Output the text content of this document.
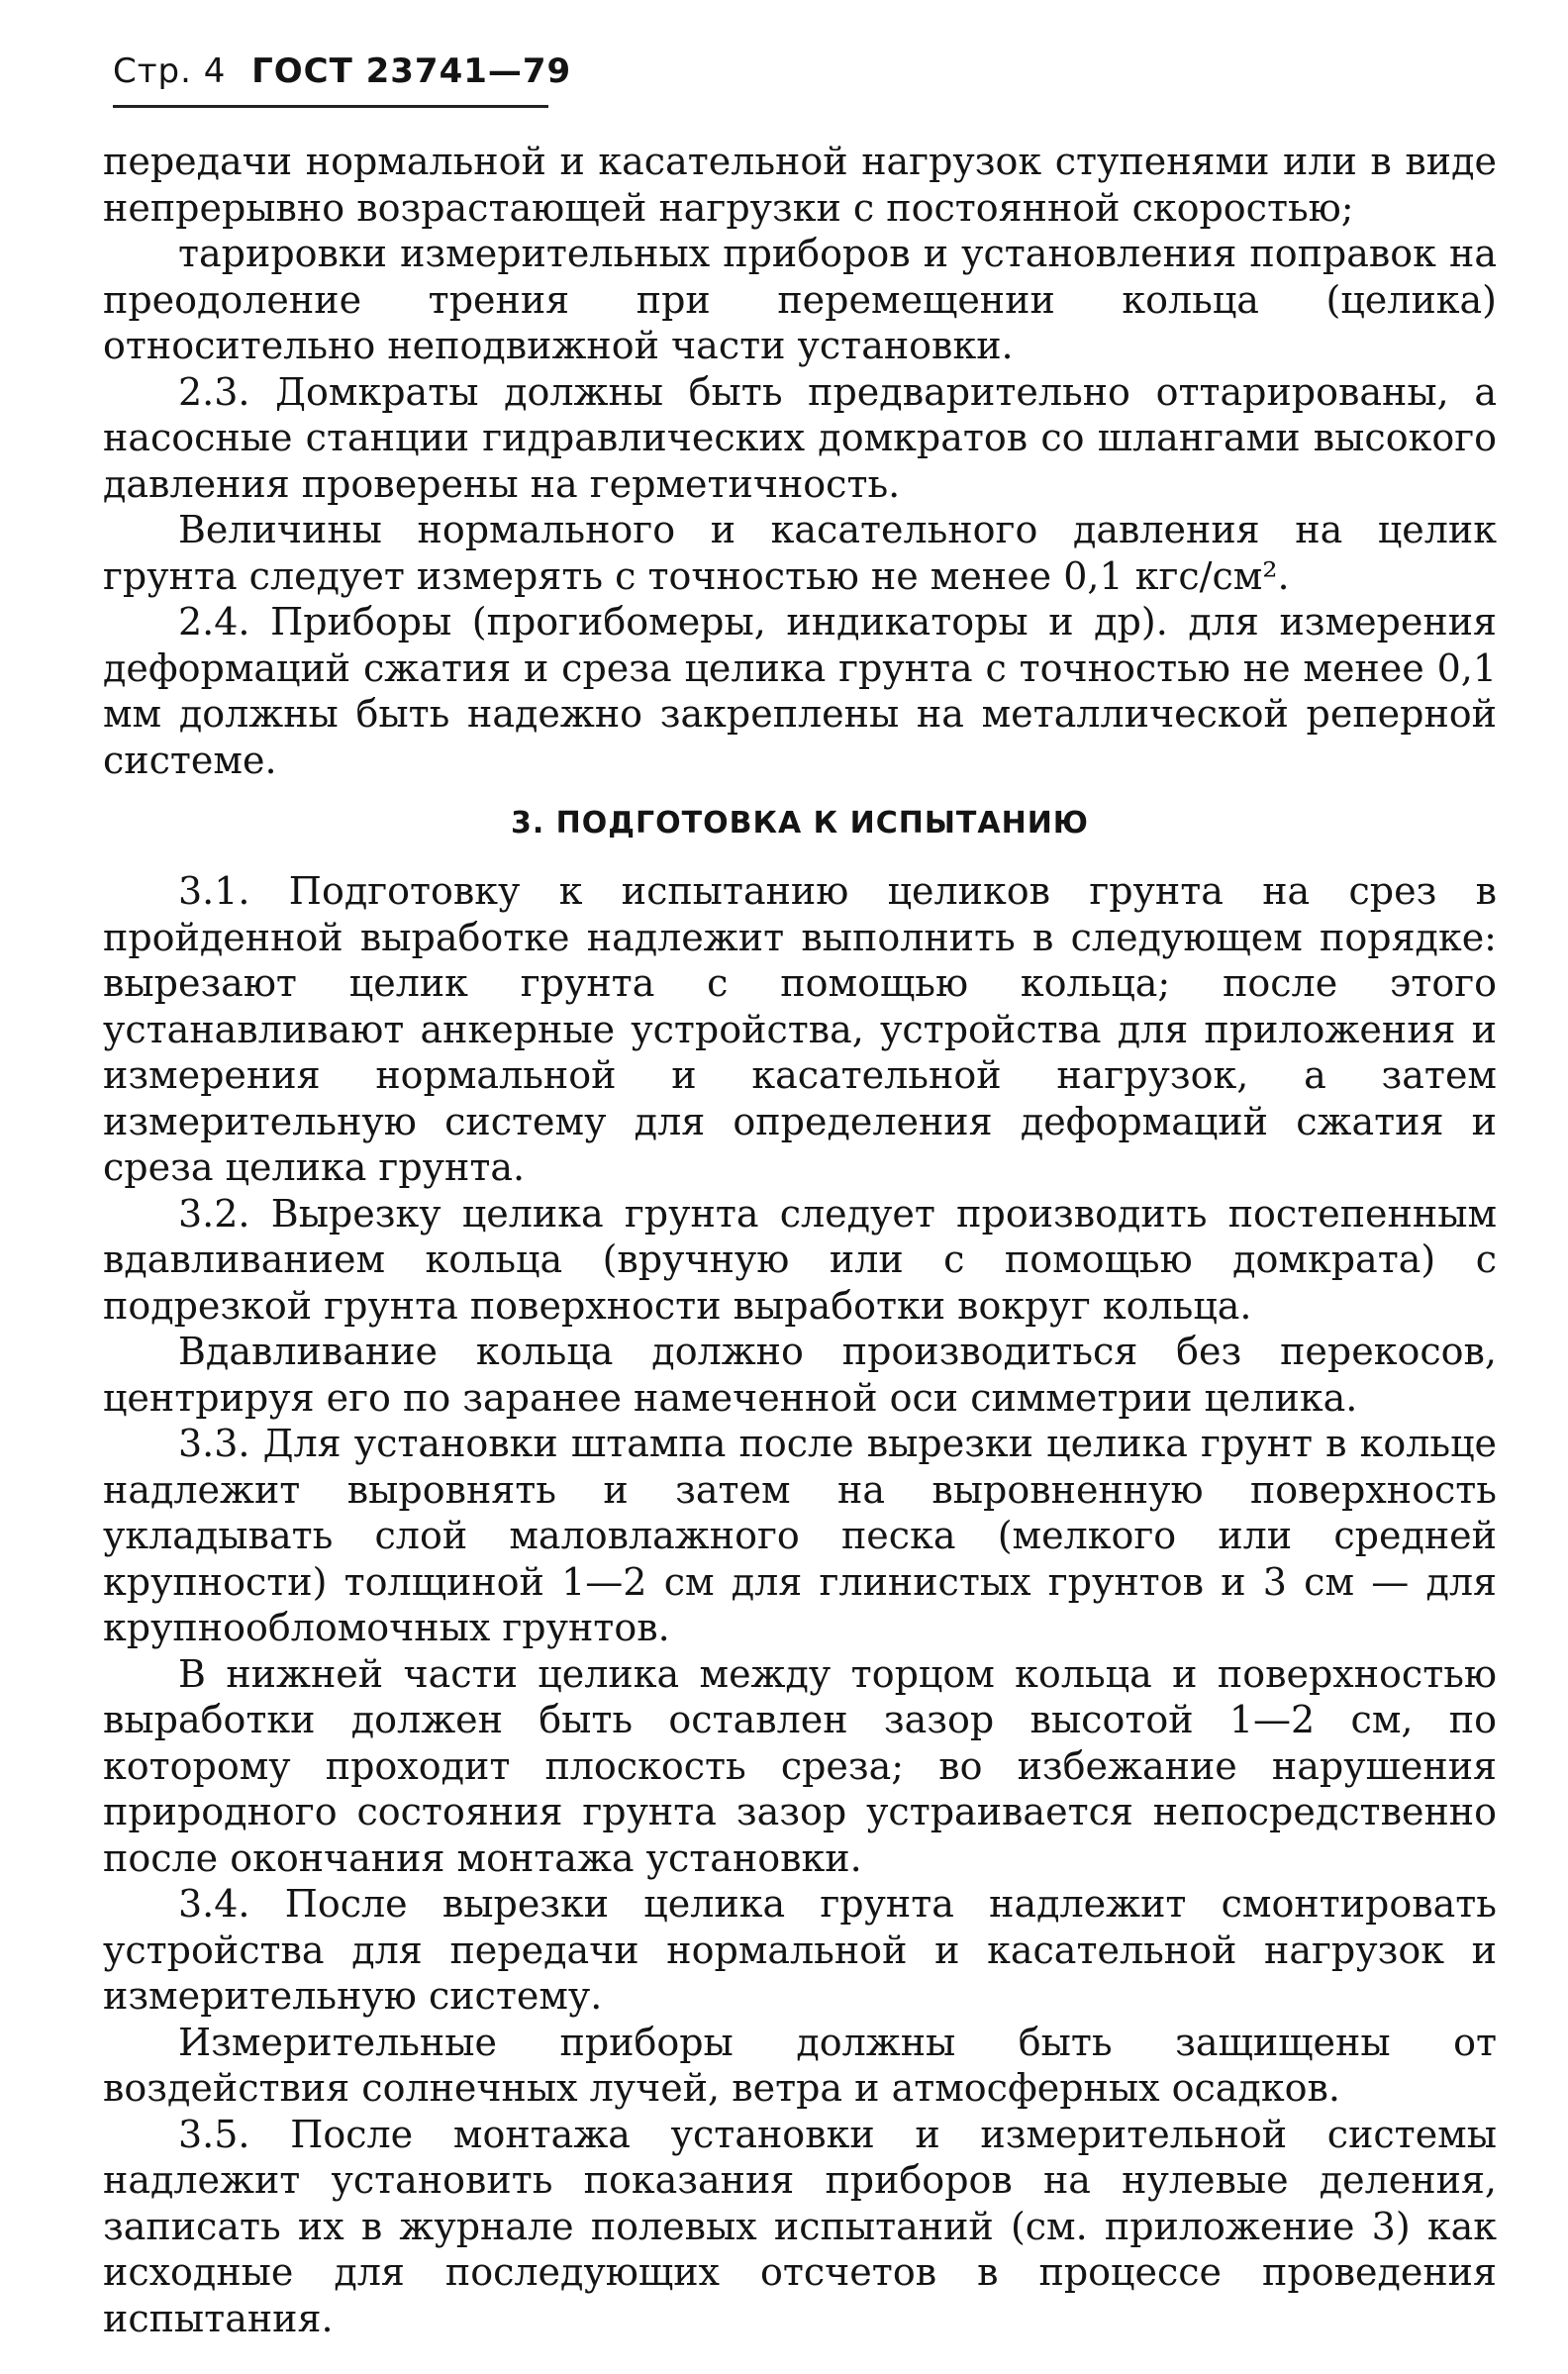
Стр. 4 ГОСТ 23741—79

передачи нормальной и касательной нагрузок ступенями или в виде непрерывно возрастающей нагрузки с постоянной скоростью;

тарировки измерительных приборов и установления поправок на преодоление трения при перемещении кольца (целика) относительно неподвижной части установки.

2.3. Домкраты должны быть предварительно оттарированы, а насосные станции гидравлических домкратов со шлангами высокого давления проверены на герметичность.

Величины нормального и касательного давления на целик грунта следует измерять с точностью не менее 0,1 кгс/см².

2.4. Приборы (прогибомеры, индикаторы и др). для измерения деформаций сжатия и среза целика грунта с точностью не менее 0,1 мм должны быть надежно закреплены на металлической реперной системе.

3. ПОДГОТОВКА К ИСПЫТАНИЮ

3.1. Подготовку к испытанию целиков грунта на срез в пройденной выработке надлежит выполнить в следующем порядке: вырезают целик грунта с помощью кольца; после этого устанавливают анкерные устройства, устройства для приложения и измерения нормальной и касательной нагрузок, а затем измерительную систему для определения деформаций сжатия и среза целика грунта.

3.2. Вырезку целика грунта следует производить постепенным вдавливанием кольца (вручную или с помощью домкрата) с подрезкой грунта поверхности выработки вокруг кольца.

Вдавливание кольца должно производиться без перекосов, центрируя его по заранее намеченной оси симметрии целика.

3.3. Для установки штампа после вырезки целика грунт в кольце надлежит выровнять и затем на выровненную поверхность укладывать слой маловлажного песка (мелкого или средней крупности) толщиной 1—2 см для глинистых грунтов и 3 см — для крупнообломочных грунтов.

В нижней части целика между торцом кольца и поверхностью выработки должен быть оставлен зазор высотой 1—2 см, по которому проходит плоскость среза; во избежание нарушения природного состояния грунта зазор устраивается непосредственно после окончания монтажа установки.

3.4. После вырезки целика грунта надлежит смонтировать устройства для передачи нормальной и касательной нагрузок и измерительную систему.

Измерительные приборы должны быть защищены от воздействия солнечных лучей, ветра и атмосферных осадков.

3.5. После монтажа установки и измерительной системы надлежит установить показания приборов на нулевые деления, записать их в журнале полевых испытаний (см. приложение 3) как исходные для последующих отсчетов в процессе проведения испытания.
